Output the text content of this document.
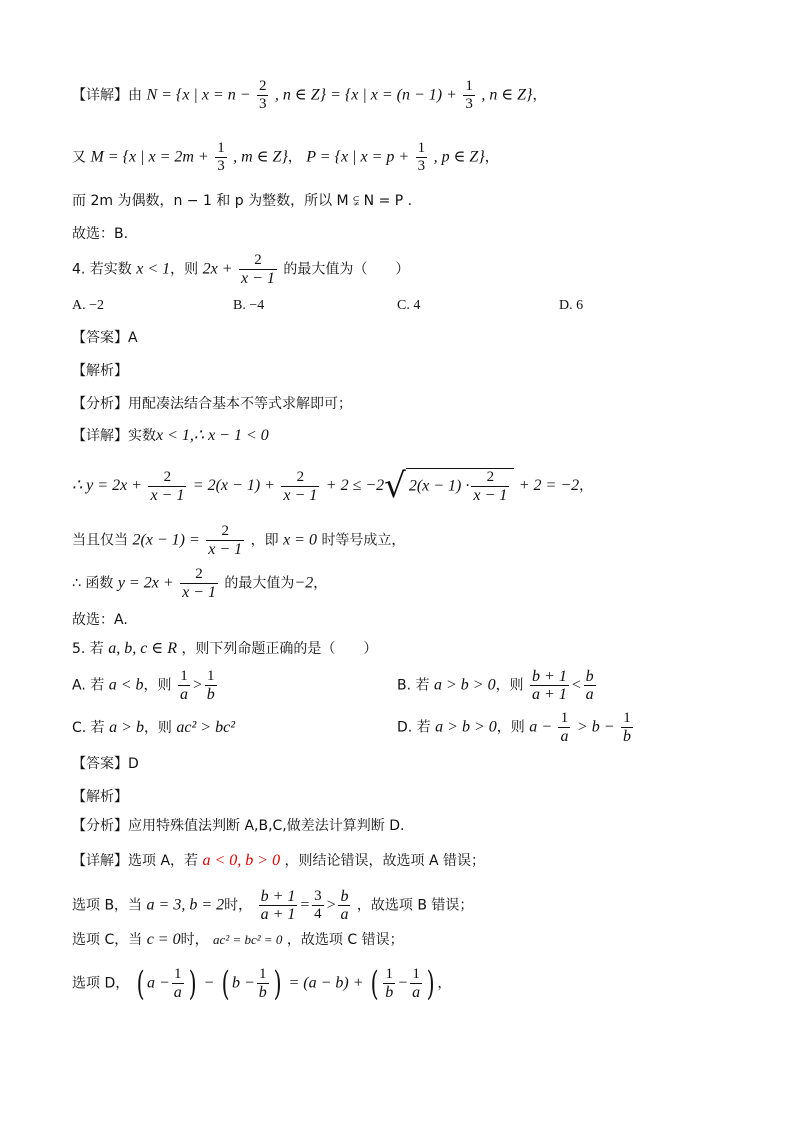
【详解】由 N = {x | $x = n - \frac{2}{3}$ , n ∈ Z} = {x | $x = (n - 1) + \frac{1}{3}$ , n ∈ Z}，
又 M = {x | $x = 2m + \frac{1}{3}$ , m ∈ Z}， P = {x | $x = p + \frac{1}{3}$ , p ∈ Z}，
而 2m 为偶数，n − 1 和 p 为整数，所以 M ⫋ N = P .
故选：B.
4. 若实数 x < 1，则 $2x + \frac{2}{x - 1}$ 的最大值为（　　）
A. −2	B. −4	C. 4	D. 6
【答案】A
【解析】
【分析】用配凑法结合基本不等式求解即可；
【详解】实数x < 1,∴ x − 1 < 0
∴ $y = 2x + \frac{2}{x - 1} = 2(x - 1) + \frac{2}{x - 1} + 2 \le -2√$ $2(x - 1) \cdot \frac{2}{x - 1} + 2 = -2$，
当且仅当 $2(x - 1) = \frac{2}{x - 1}$ ，即 x = 0 时等号成立，
∴ 函数 $y = 2x + \frac{2}{x - 1}$ 的最大值为−2，
故选：A.
5. 若 a, b, c ∈ R ，则下列命题正确的是（　　）
A. 若 a < b，则 $\frac{1}{a} > \frac{1}{b}$	B. 若 a > b > 0，则 $\frac{b + 1}{a + 1} < \frac{b}{a}$
C. 若 a > b，则 ac² > bc²	D. 若 a > b > 0，则 $a - \frac{1}{a} > b - \frac{1}{b}$
【答案】D
【解析】
【分析】应用特殊值法判断 A,B,C,做差法计算判断 D.
【详解】选项 A，若 a < 0, b > 0 ，则结论错误，故选项 A 错误；
选项 B，当 a = 3, b = 2时， $\frac{b + 1}{a + 1} = \frac{3}{4} > \frac{b}{a}$ ，故选项 B 错误；
选项 C，当 c = 0时， ac² = bc² = 0 ，故选项 C 错误；
选项 D， ( $a - \frac{1}{a}$ ) − ( $b - \frac{1}{b}$ ) = (a − b) + ( $\frac{1}{b} - \frac{1}{a}$ ) ，
